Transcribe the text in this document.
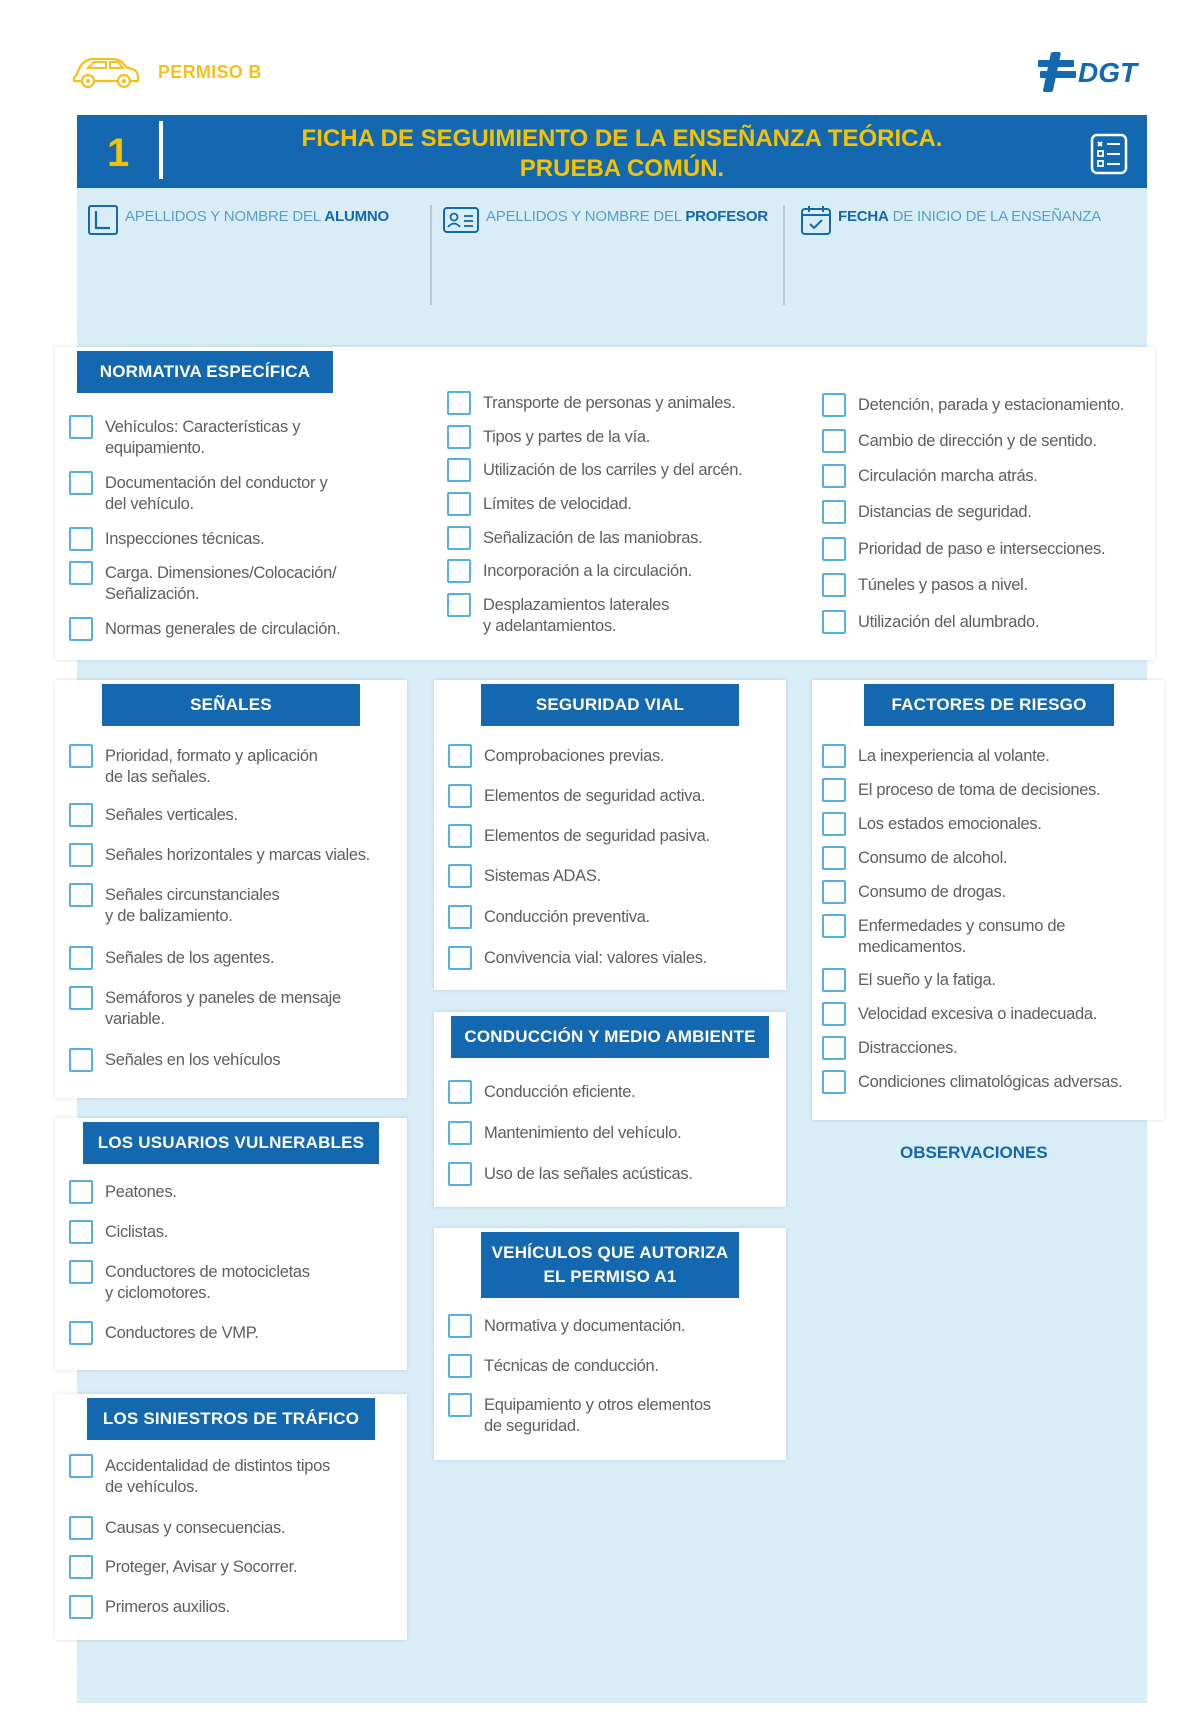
PERMISO B	DGT
1	FICHA DE SEGUIMIENTO DE LA ENSEÑANZA TEÓRICA.
PRUEBA COMÚN.
APELLIDOS Y NOMBRE DEL ALUMNO	APELLIDOS Y NOMBRE DEL PROFESOR	FECHA DE INICIO DE LA ENSEÑANZA
NORMATIVA ESPECÍFICA
Vehículos: Características y
equipamiento.
Documentación del conductor y
del vehículo.
Inspecciones técnicas.
Carga. Dimensiones/Colocación/
Señalización.
Normas generales de circulación.
Transporte de personas y animales.
Tipos y partes de la vía.
Utilización de los carriles y del arcén.
Límites de velocidad.
Señalización de las maniobras.
Incorporación a la circulación.
Desplazamientos laterales
y adelantamientos.
Detención, parada y estacionamiento.
Cambio de dirección y de sentido.
Circulación marcha atrás.
Distancias de seguridad.
Prioridad de paso e intersecciones.
Túneles y pasos a nivel.
Utilización del alumbrado.
SEÑALES
Prioridad, formato y aplicación
de las señales.
Señales verticales.
Señales horizontales y marcas viales.
Señales circunstanciales
y de balizamiento.
Señales de los agentes.
Semáforos y paneles de mensaje
variable.
Señales en los vehículos
SEGURIDAD VIAL
Comprobaciones previas.
Elementos de seguridad activa.
Elementos de seguridad pasiva.
Sistemas ADAS.
Conducción preventiva.
Convivencia vial: valores viales.
FACTORES DE RIESGO
La inexperiencia al volante.
El proceso de toma de decisiones.
Los estados emocionales.
Consumo de alcohol.
Consumo de drogas.
Enfermedades y consumo de
medicamentos.
El sueño y la fatiga.
Velocidad excesiva o inadecuada.
Distracciones.
Condiciones climatológicas adversas.
OBSERVACIONES
CONDUCCIÓN Y MEDIO AMBIENTE
Conducción eficiente.
Mantenimiento del vehículo.
Uso de las señales acústicas.
LOS USUARIOS VULNERABLES
Peatones.
Ciclistas.
Conductores de motocicletas
y ciclomotores.
Conductores de VMP.
VEHÍCULOS QUE AUTORIZA
EL PERMISO A1
Normativa y documentación.
Técnicas de conducción.
Equipamiento y otros elementos
de seguridad.
LOS SINIESTROS DE TRÁFICO
Accidentalidad de distintos tipos
de vehículos.
Causas y consecuencias.
Proteger, Avisar y Socorrer.
Primeros auxilios.
